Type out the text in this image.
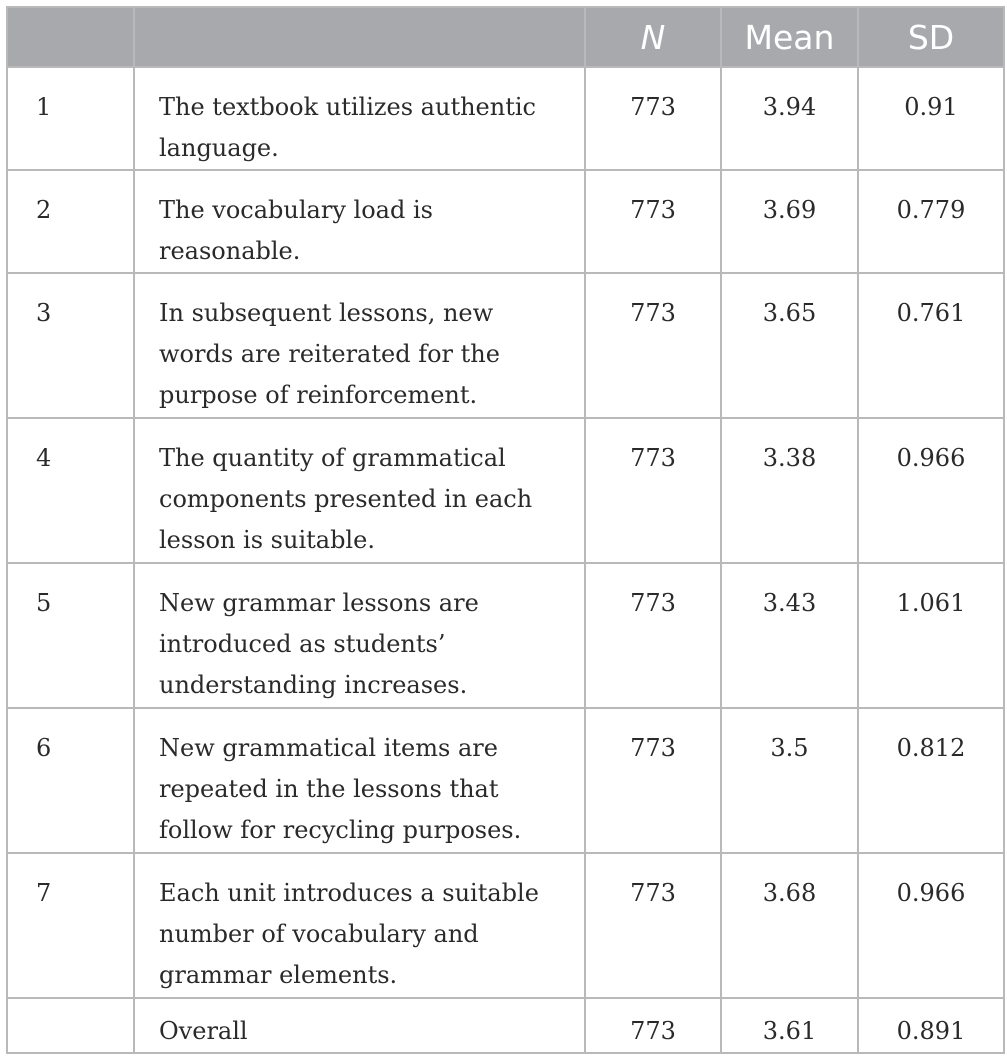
		N	Mean	SD
1	The textbook utilizes authentic language.	773	3.94	0.91
2	The vocabulary load is reasonable.	773	3.69	0.779
3	In subsequent lessons, new words are reiterated for the purpose of reinforcement.	773	3.65	0.761
4	The quantity of grammatical components presented in each lesson is suitable.	773	3.38	0.966
5	New grammar lessons are introduced as students’ understanding increases.	773	3.43	1.061
6	New grammatical items are repeated in the lessons that follow for recycling purposes.	773	3.5	0.812
7	Each unit introduces a suitable number of vocabulary and grammar elements.	773	3.68	0.966
	Overall	773	3.61	0.891
